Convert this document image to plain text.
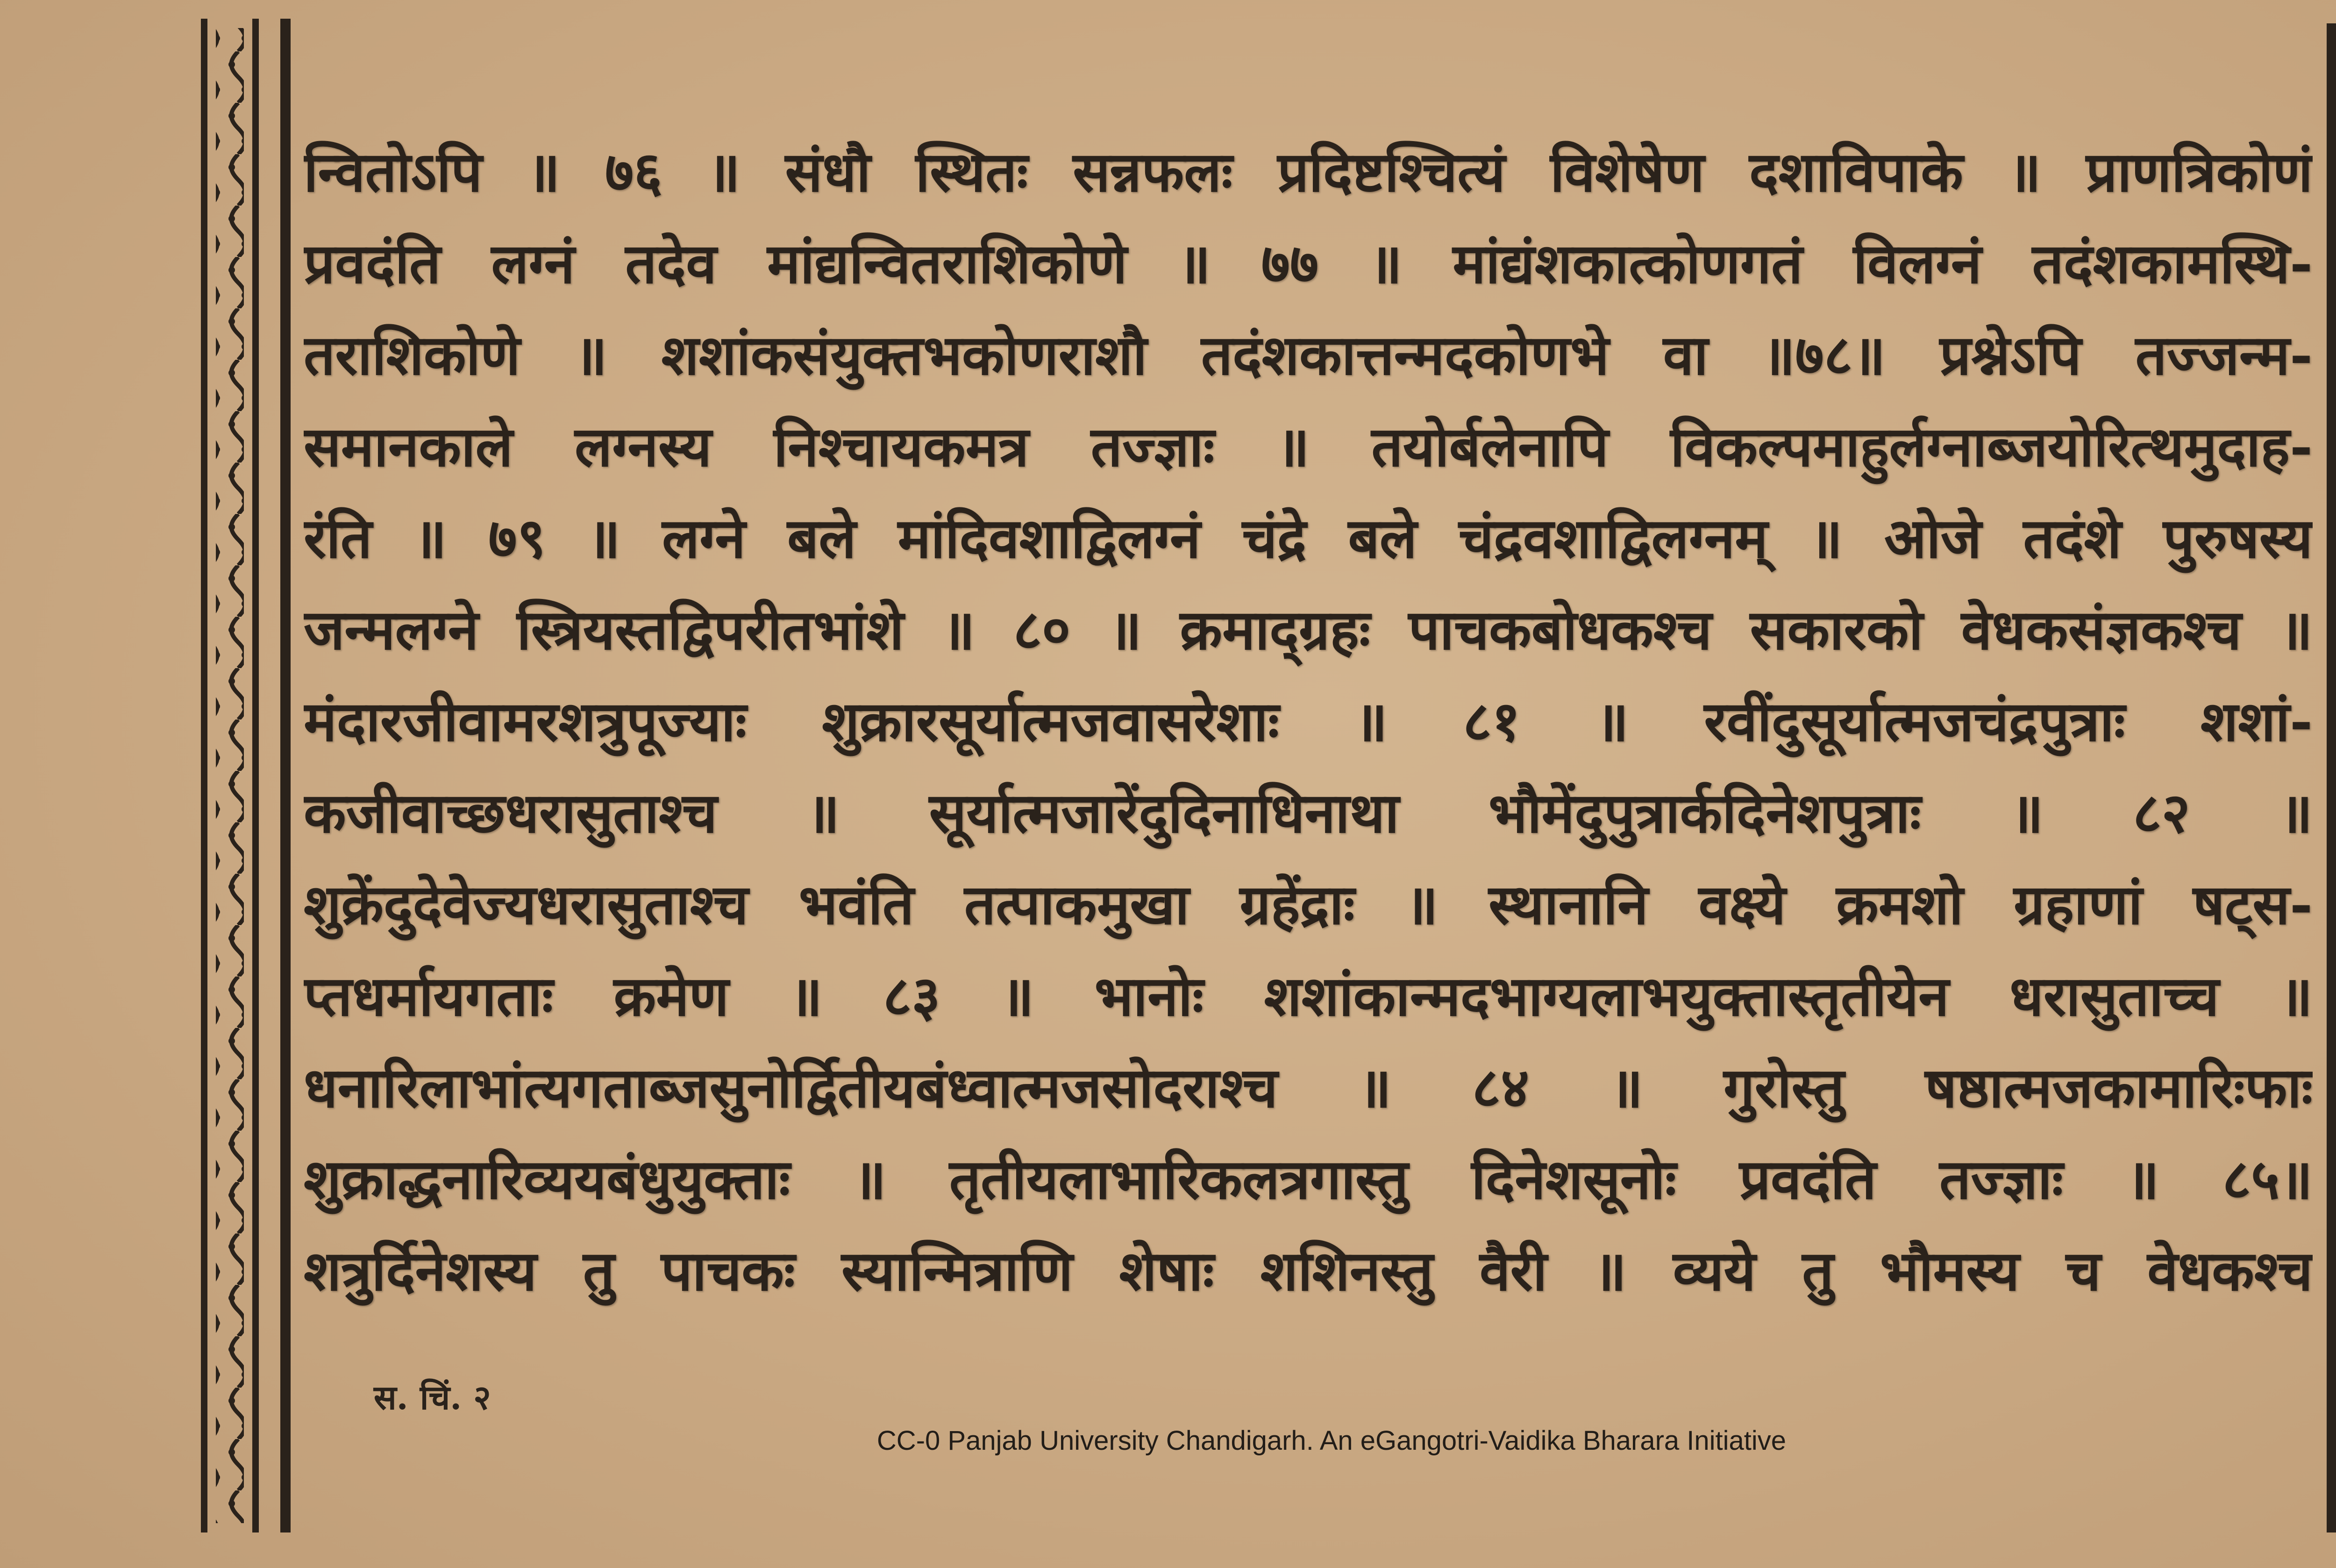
न्वितोऽपि ॥ ७६ ॥ संधौ स्थितः सन्नफलः प्रदिष्टश्चित्यं विशेषेण दशाविपाके ॥ प्राणत्रिकोणं
प्रवदंति लग्नं तदेव मांद्यन्वितराशिकोणे ॥ ७७ ॥ मांद्यंशकात्कोणगतं विलग्नं तदंशकामस्थि-
तराशिकोणे ॥ शशांकसंयुक्तभकोणराशौ तदंशकात्तन्मदकोणभे वा ॥७८॥ प्रश्नेऽपि तज्जन्म-
समानकाले लग्नस्य निश्चायकमत्र तज्ज्ञाः ॥ तयोर्बलेनापि विकल्पमाहुर्लग्नाब्जयोरित्थमुदाह-
रंति ॥ ७९ ॥ लग्ने बले मांदिवशाद्विलग्नं चंद्रे बले चंद्रवशाद्विलग्नम् ॥ ओजे तदंशे पुरुषस्य
जन्मलग्ने स्त्रियस्तद्विपरीतभांशे ॥ ८० ॥ क्रमाद्ग्रहः पाचकबोधकश्च सकारको वेधकसंज्ञकश्च ॥
मंदारजीवामरशत्रुपूज्याः शुक्रारसूर्यात्मजवासरेशाः ॥ ८१ ॥ रवींदुसूर्यात्मजचंद्रपुत्राः शशां-
कजीवाच्छधरासुताश्च ॥ सूर्यात्मजारेंदुदिनाधिनाथा भौमेंदुपुत्रार्कदिनेशपुत्राः ॥ ८२ ॥
शुक्रेंदुदेवेज्यधरासुताश्च भवंति तत्पाकमुखा ग्रहेंद्राः ॥ स्थानानि वक्ष्ये क्रमशो ग्रहाणां षट्स-
प्तधर्मायगताः क्रमेण ॥ ८३ ॥ भानोः शशांकान्मदभाग्यलाभयुक्तास्तृतीयेन धरासुताच्च ॥
धनारिलाभांत्यगताब्जसुनोर्द्वितीयबंध्वात्मजसोदराश्च ॥ ८४ ॥ गुरोस्तु षष्ठात्मजकामारिःफाः
शुक्राद्धनारिव्ययबंधुयुक्ताः ॥ तृतीयलाभारिकलत्रगास्तु दिनेशसूनोः प्रवदंति तज्ज्ञाः ॥ ८५॥
शत्रुर्दिनेशस्य तु पाचकः स्यान्मित्राणि शेषाः शशिनस्तु वैरी ॥ व्यये तु भौमस्य च वेधकश्च
स. चिं. २
CC-0 Panjab University Chandigarh. An eGangotri-Vaidika Bharara Initiative
